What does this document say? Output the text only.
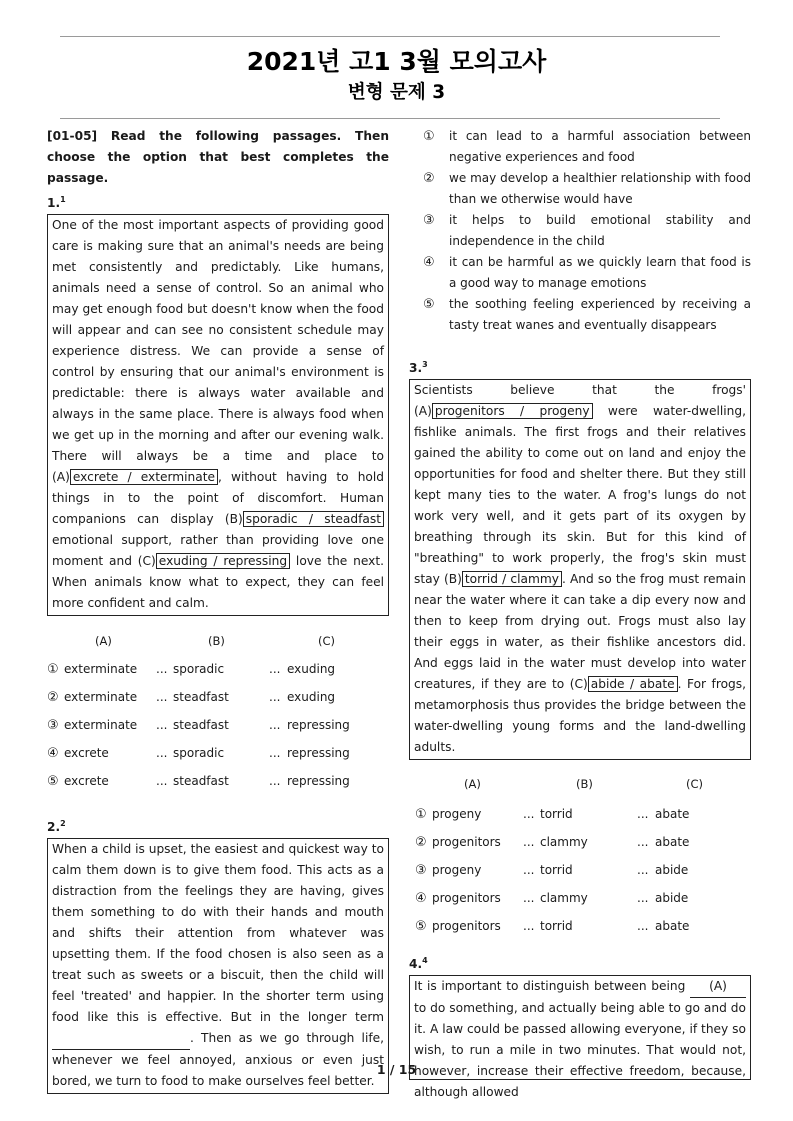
2021년 고1 3월 모의고사
변형 문제 3
[01-05] Read the following passages. Then choose the option that best completes the passage.
1.$^1$
One of the most important aspects of providing good care is making sure that an animal's needs are being met consistently and predictably. Like humans, animals need a sense of control. So an animal who may get enough food but doesn't know when the food will appear and can see no consistent schedule may experience distress. We can provide a sense of control by ensuring that our animal's environment is predictable: there is always water available and always in the same place. There is always food when we get up in the morning and after our evening walk. There will always be a time and place to (A) excrete / exterminate , without having to hold things in to the point of discomfort. Human companions can display (B) sporadic / steadfast emotional support, rather than providing love one moment and (C) exuding / repressing love the next. When animals know what to expect, they can feel more confident and calm.
(A)	(B)	(C)
① exterminate ... sporadic	... exuding
② exterminate ... steadfast	... exuding
③ exterminate ... steadfast	... repressing
④ excrete	... sporadic	... repressing
⑤ excrete	... steadfast	... repressing
2.$^2$
When a child is upset, the easiest and quickest way to calm them down is to give them food. This acts as a distraction from the feelings they are having, gives them something to do with their hands and mouth and shifts their attention from whatever was upsetting them. If the food chosen is also seen as a treat such as sweets or a biscuit, then the child will feel 'treated' and happier. In the shorter term using food like this is effective. But in the longer term  . Then as we go through life, whenever we feel annoyed, anxious or even just bored, we turn to food to make ourselves feel better.
①	it can lead to a harmful association between negative experiences and food
②	we may develop a healthier relationship with food than we otherwise would have
③	it helps to build emotional stability and independence in the child
④	it can be harmful as we quickly learn that food is a good way to manage emotions
⑤	the soothing feeling experienced by receiving a tasty treat wanes and eventually disappears
3.$^3$
Scientists believe that the frogs' (A) progenitors / progeny were water-dwelling, fishlike animals. The first frogs and their relatives gained the ability to come out on land and enjoy the opportunities for food and shelter there. But they still kept many ties to the water. A frog's lungs do not work very well, and it gets part of its oxygen by breathing through its skin. But for this kind of "breathing" to work properly, the frog's skin must stay (B) torrid / clammy . And so the frog must remain near the water where it can take a dip every now and then to keep from drying out. Frogs must also lay their eggs in water, as their fishlike ancestors did. And eggs laid in the water must develop into water creatures, if they are to (C) abide / abate . For frogs, metamorphosis thus provides the bridge between the water-dwelling young forms and the land-dwelling adults.
(A)	(B)	(C)
① progeny	... torrid	... abate
② progenitors ... clammy	... abate
③ progeny	... torrid	... abide
④ progenitors ... clammy	... abide
⑤ progenitors ... torrid	... abate
4.$^4$
It is important to distinguish between being (A) to do something, and actually being able to go and do it. A law could be passed allowing everyone, if they so wish, to run a mile in two minutes. That would not, however, increase their effective freedom, because, although allowed
1 / 15
